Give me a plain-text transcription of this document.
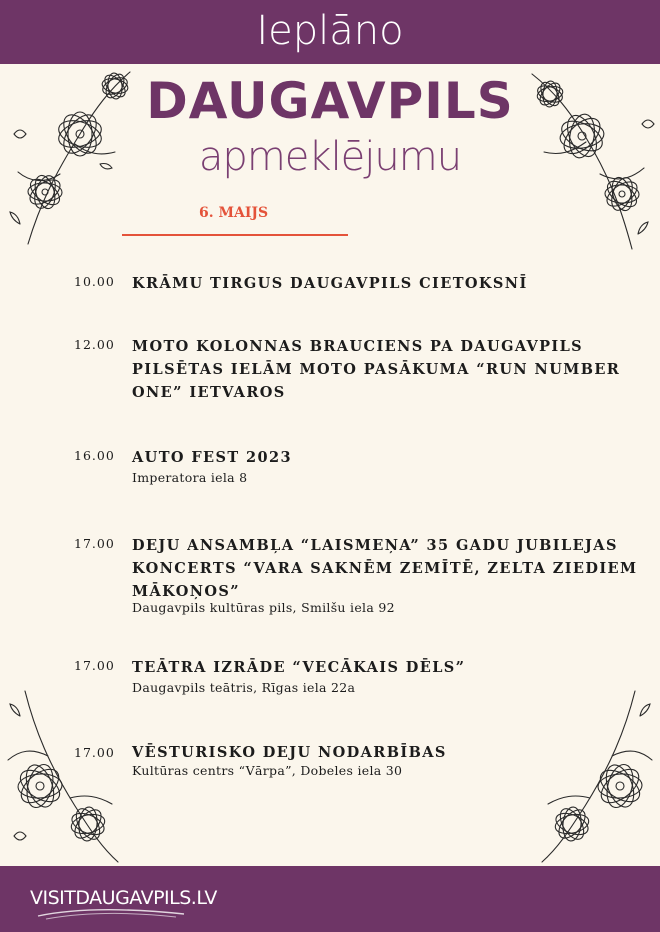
Ieplāno
DAUGAVPILS
apmeklējumu
6. MAIJS
10.00 KRĀMU TIRGUS DAUGAVPILS CIETOKSNĪ
12.00 MOTO KOLONNAS BRAUCIENS PA DAUGAVPILS PILSĒTAS IELĀM MOTO PASĀKUMA “RUN NUMBER ONE” IETVAROS
16.00 AUTO FEST 2023
Imperatora iela 8
17.00 DEJU ANSAMBĻA “LAISMEŅA” 35 GADU JUBILEJAS KONCERTS “VARA SAKNĒM ZEMĪTĒ, ZELTA ZIEDIEM MĀKOŅOS”
Daugavpils kultūras pils, Smilšu iela 92
17.00 TEĀTRA IZRĀDE “VECĀKAIS DĒLS”
Daugavpils teātris, Rīgas iela 22a
17.00 VĒSTURISKO DEJU NODARBĪBAS
Kultūras centrs “Vārpa”, Dobeles iela 30
VISITDAUGAVPILS.LV
